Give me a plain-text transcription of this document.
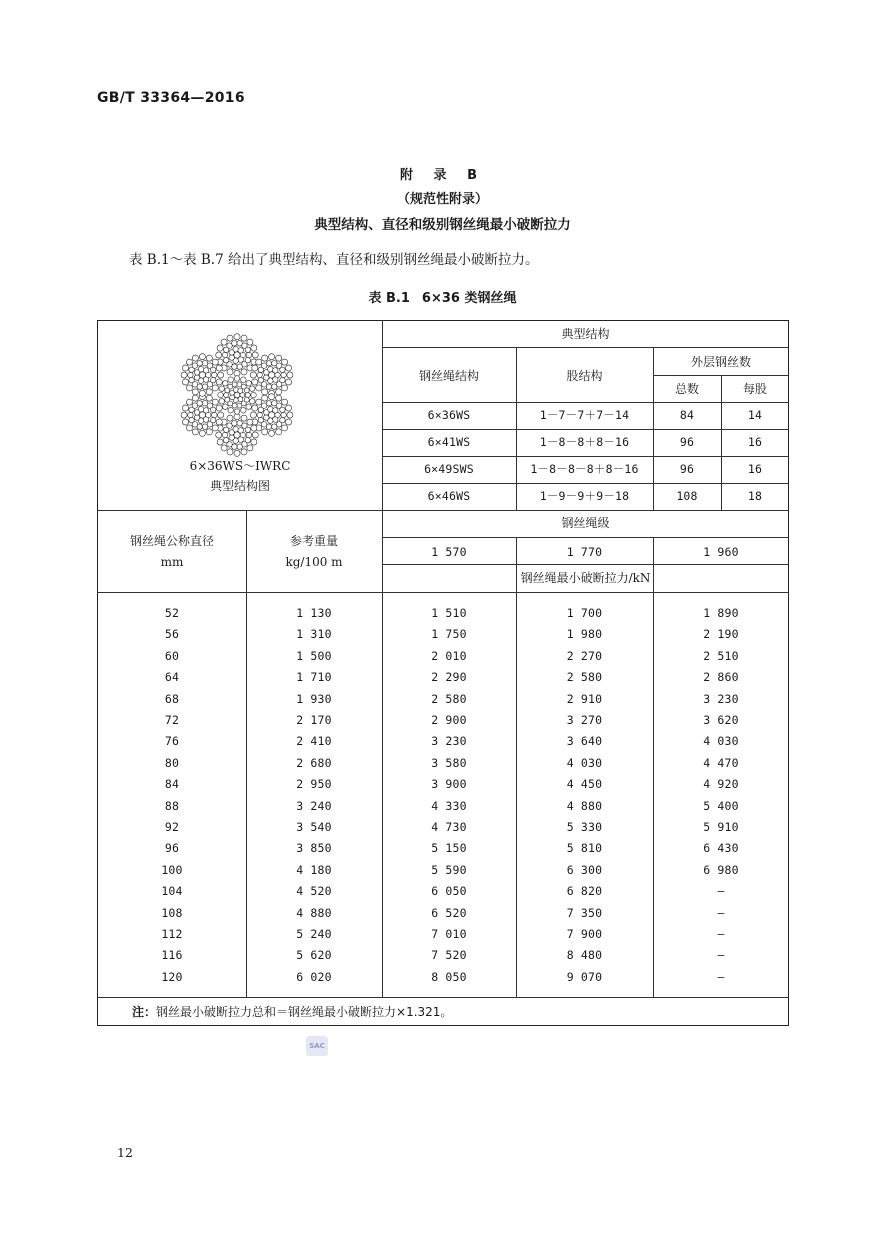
GB/T 33364—2016
附 录 B
（规范性附录）
典型结构、直径和级别钢丝绳最小破断拉力
表 B.1～表 B.7 给出了典型结构、直径和级别钢丝绳最小破断拉力。
表 B.1 6×36 类钢丝绳
6×36WS～IWRC
典型结构图
典型结构
钢丝绳结构	股结构
外层钢丝数
总数	每股
6×36WS	1－7－7＋7－14	84	14
6×41WS	1－8－8＋8－16	96	16
6×49SWS	1－8－8－8＋8－16	96	16
6×46WS	1－9－9＋9－18	108	18
钢丝绳公称直径
mm
参考重量
kg/100 m
钢丝绳级
1 570	1 770	1 960
钢丝绳最小破断拉力/kN
52	1 130	1 510	1 700	1 890
56	1 310	1 750	1 980	2 190
60	1 500	2 010	2 270	2 510
64	1 710	2 290	2 580	2 860
68	1 930	2 580	2 910	3 230
72	2 170	2 900	3 270	3 620
76	2 410	3 230	3 640	4 030
80	2 680	3 580	4 030	4 470
84	2 950	3 900	4 450	4 920
88	3 240	4 330	4 880	5 400
92	3 540	4 730	5 330	5 910
96	3 850	5 150	5 810	6 430
100	4 180	5 590	6 300	6 980
104	4 520	6 050	6 820	—
108	4 880	6 520	7 350	—
112	5 240	7 010	7 900	—
116	5 620	7 520	8 480	—
120	6 020	8 050	9 070	—
注：钢丝最小破断拉力总和＝钢丝绳最小破断拉力×1.321。
SAC
12
